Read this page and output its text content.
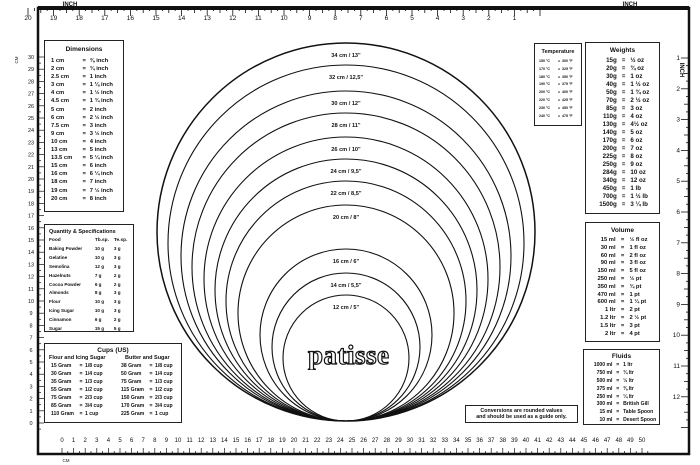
20	19	18	17	16	15	14	13	12	11	10	9	8	7	6	5	4	3	2	1
INCH	INCH
0 1 2 3 4 5 6 7 8 9 10 11 12 13 14 15 16 17 18 19 20 21 22 23 24 25 26 27 28 29 30 31 32 33 34 35 36 37 38 39 40 41 42 43 44 45 46 47 48 49 50
CM
30
29
28
27
26
25
24
23
22
21
20
19
18
17
16
15
14
13
12
11
10
9
8
7
6
5
4
3
2
1
0
CM	1
2
3
4
5
6
7
8
9
10
11
12
INCH
34 cm / 13"
32 cm / 12,5"
30 cm / 12"
28 cm / 11"
26 cm / 10"
24 cm / 9,5"
22 cm / 8,5"
20 cm / 8"
16 cm / 6"
14 cm / 5,5"
12 cm / 5"
patisse
Dimensions
1 cm	= ⅜ inch
2 cm	= ¾ inch
2.5 cm	= 1 inch
3 cm	= 1 ⅛ inch
4 cm	= 1 ½ inch
4.5 cm	= 1 ¾ inch
5 cm	= 2 inch
6 cm	= 2 ½ inch
7.5 cm	= 3 inch
9 cm	= 3 ½ inch
10 cm	= 4 inch
13 cm	= 5 inch
13.5 cm	= 5 ¼ inch
15 cm	= 6 inch
16 cm	= 6 ¼ inch
18 cm	= 7 inch
19 cm	= 7 ½ inch
20 cm	= 8 inch
Quantity & Specifications
Food	Tb.sp.	Te.sp.
Baking Powder	10 g	3 g
Gelatine	10 g	3 g
Semolina	12 g	3 g
Hazelnuts	7 g	2 g
Cocoa Powder	6 g	2 g
Almonds	8 g	3 g
Flour	10 g	3 g
Icing Sugar	10 g	3 g
Cinnamon	6 g	2 g
Sugar	15 g	5 g
Cups (US)
Flour and Icing Sugar	Butter and Sugar
15 Gram	= 1/8 cup
30 Gram	= 1/4 cup
35 Gram	= 1/3 cup
55 Gram	= 1/2 cup
75 Gram	= 2/3 cup
85 Gram	= 3/4 cup
110 Gram	= 1 cup
38 Gram	= 1/8 cup
50 Gram	= 1/4 cup
75 Gram	= 1/3 cup
115 Gram	= 1/2 cup
150 Gram	= 2/3 cup
170 Gram	= 3/4 cup
225 Gram	= 1 cup
Temperature
150 °C	= 300 °F
170 °C	= 325 °F
180 °C	= 350 °F
190 °C	= 375 °F
200 °C	= 400 °F
220 °C	= 425 °F
230 °C	= 450 °F
240 °C	= 475 °F
Weights
15g = ½ oz
20g = ¾ oz
30g = 1 oz
40g = 1 ½ oz
50g = 1 ¾ oz
70g = 2 ½ oz
85g = 3 oz
110g = 4 oz
130g = 4½ oz
140g = 5 oz
170g = 6 oz
200g = 7 oz
225g = 8 oz
250g = 9 oz
284g = 10 oz
340g = 12 oz
450g = 1 lb
700g = 1 ½ lb
1500g = 3 ¼ lb
Volume
15 ml = ½ fl oz
30 ml = 1 fl oz
60 ml = 2 fl oz
90 ml = 3 fl oz
150 ml = 5 fl oz
250 ml = ½ pt
350 ml = ¾ pt
470 ml = 1 pt
600 ml = 1 ¼ pt
1 ltr = 2 pt
1.2 ltr = 2 ½ pt
1.5 ltr = 3 pt
2 ltr = 4 pt
Fluids
1000 ml = 1 ltr
750 ml = ¾ ltr
500 ml = ½ ltr
375 ml = ⅜ ltr
250 ml = ¼ ltr
300 ml = British Gill
15 ml = Table Spoon
10 ml = Desert Spoon
Conversions are rounded values
and should be used as a guide only.
